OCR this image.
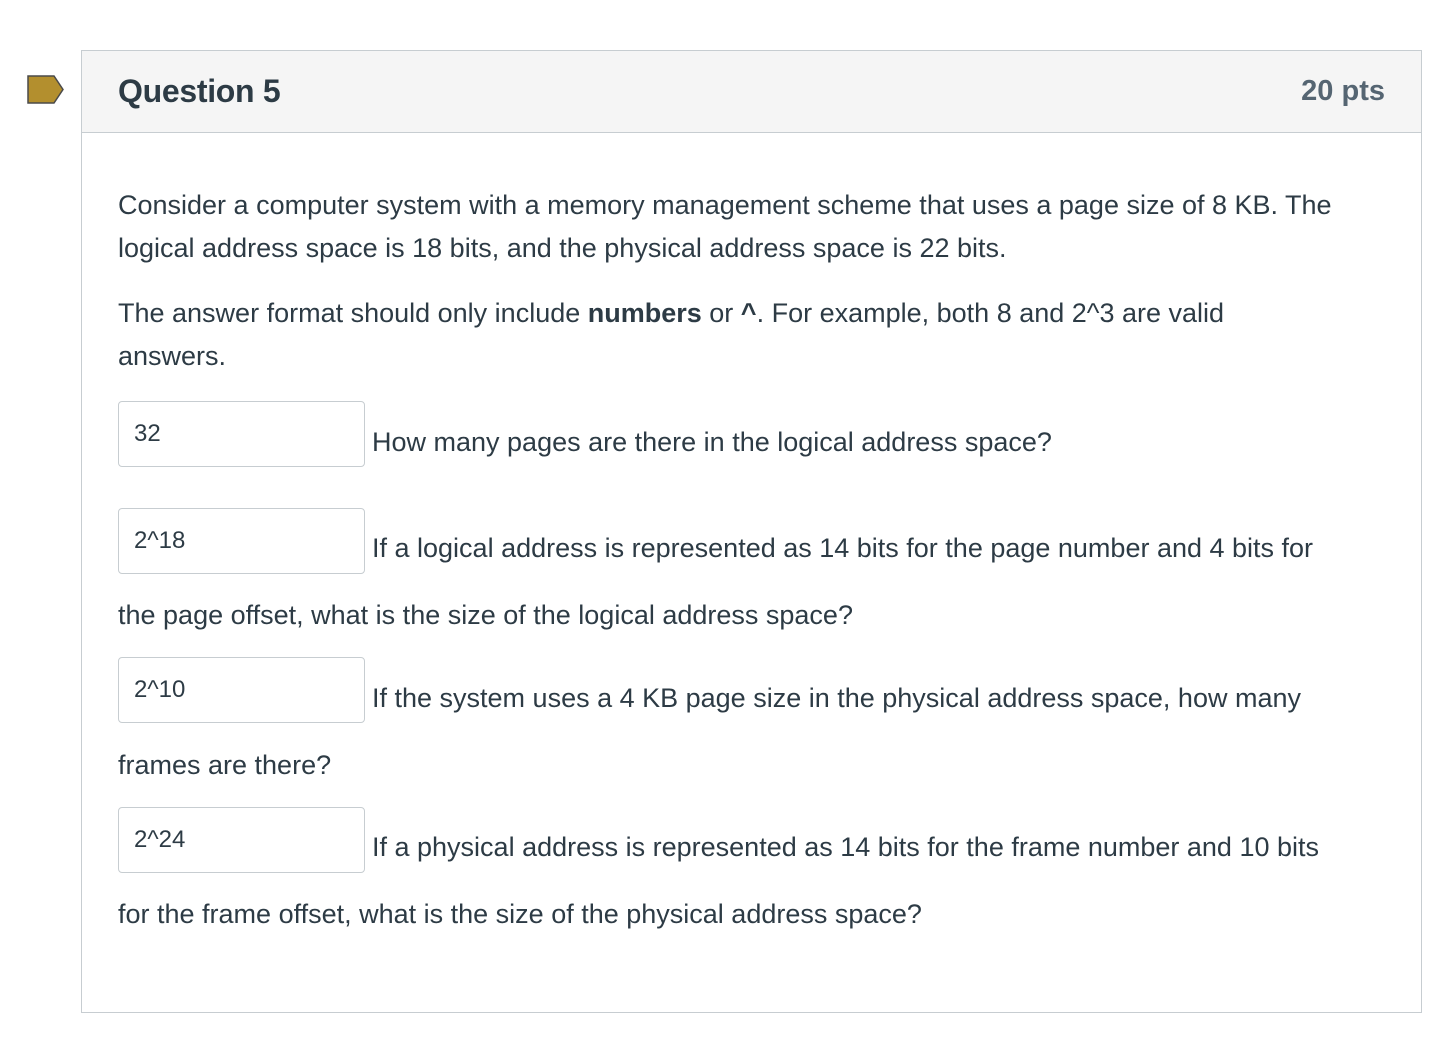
Question 5	20 pts
Consider a computer system with a memory management scheme that uses a page size of 8 KB. The
logical address space is 18 bits, and the physical address space is 22 bits.
The answer format should only include numbers or ^. For example, both 8 and 2^3 are valid
answers.
32	How many pages are there in the logical address space?
2^18	If a logical address is represented as 14 bits for the page number and 4 bits for
the page offset, what is the size of the logical address space?
2^10	If the system uses a 4 KB page size in the physical address space, how many
frames are there?
2^24	If a physical address is represented as 14 bits for the frame number and 10 bits
for the frame offset, what is the size of the physical address space?
